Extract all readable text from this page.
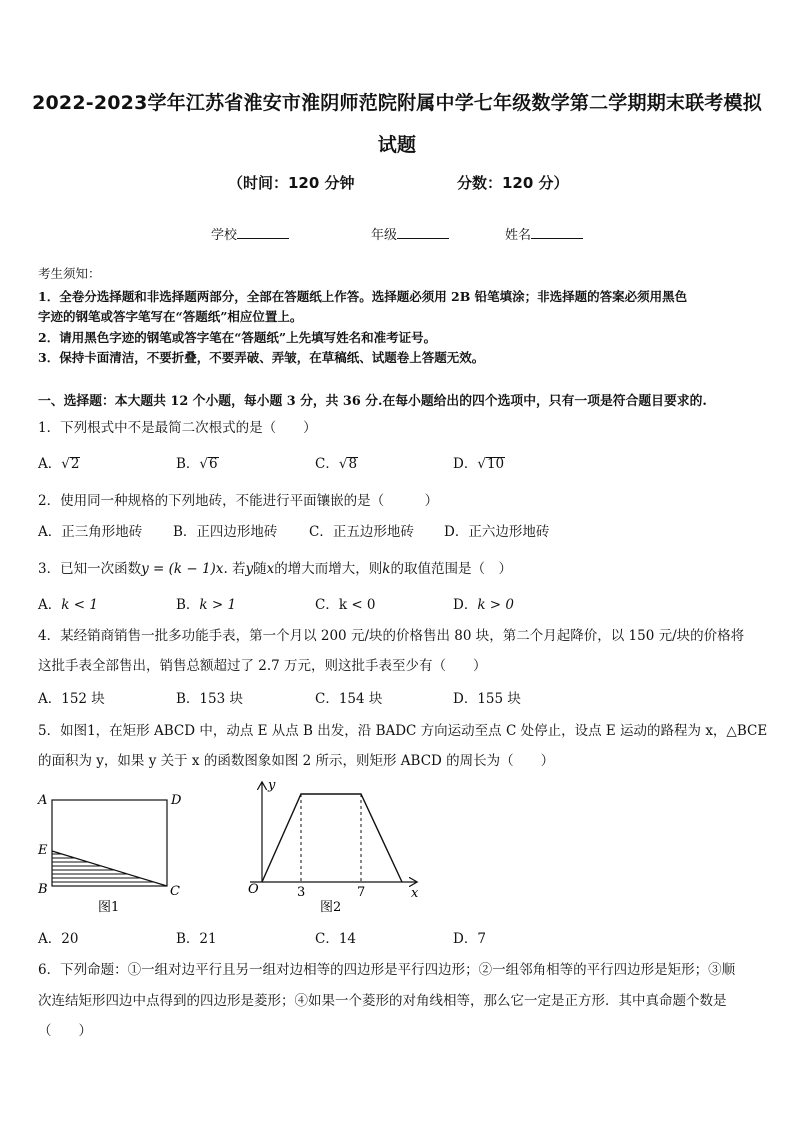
2022-2023学年江苏省淮安市淮阴师范院附属中学七年级数学第二学期期末联考模拟
试题
（时间：120 分钟	分数：120 分）
学校	年级	姓名
考生须知：
1．全卷分选择题和非选择题两部分，全部在答题纸上作答。选择题必须用 2B 铅笔填涂；非选择题的答案必须用黑色
字迹的钢笔或答字笔写在“答题纸”相应位置上。
2．请用黑色字迹的钢笔或答字笔在“答题纸”上先填写姓名和准考证号。
3．保持卡面清洁，不要折叠，不要弄破、弄皱，在草稿纸、试题卷上答题无效。
一、选择题：本大题共 12 个小题，每小题 3 分，共 36 分.在每小题给出的四个选项中，只有一项是符合题目要求的.
1．下列根式中不是最简二次根式的是（　　）
A．√2	B．√6	C．√8	D．√10
2．使用同一种规格的下列地砖，不能进行平面镶嵌的是（　　　）
A．正三角形地砖 B．正四边形地砖 C．正五边形地砖 D．正六边形地砖
3．已知一次函数y = (k − 1)x. 若y随x的增大而增大，则k的取值范围是（　）
A．k < 1	B．k > 1	C．k < 0	D．k > 0
4．某经销商销售一批多功能手表，第一个月以 200 元/块的价格售出 80 块，第二个月起降价，以 150 元/块的价格将
这批手表全部售出，销售总额超过了 2.7 万元，则这批手表至少有（　　）
A．152 块	B．153 块	C．154 块	D．155 块
5．如图1，在矩形 ABCD 中，动点 E 从点 B 出发，沿 BADC 方向运动至点 C 处停止，设点 E 运动的路程为 x，△BCE
的面积为 y，如果 y 关于 x 的函数图象如图 2 所示，则矩形 ABCD 的周长为（　　）
A	D
E
B	C
图1
y
x
O	3	7
图2
A．20	B．21	C．14	D．7
6．下列命题：①一组对边平行且另一组对边相等的四边形是平行四边形；②一组邻角相等的平行四边形是矩形；③顺
次连结矩形四边中点得到的四边形是菱形；④如果一个菱形的对角线相等，那么它一定是正方形．其中真命题个数是
（　　）
